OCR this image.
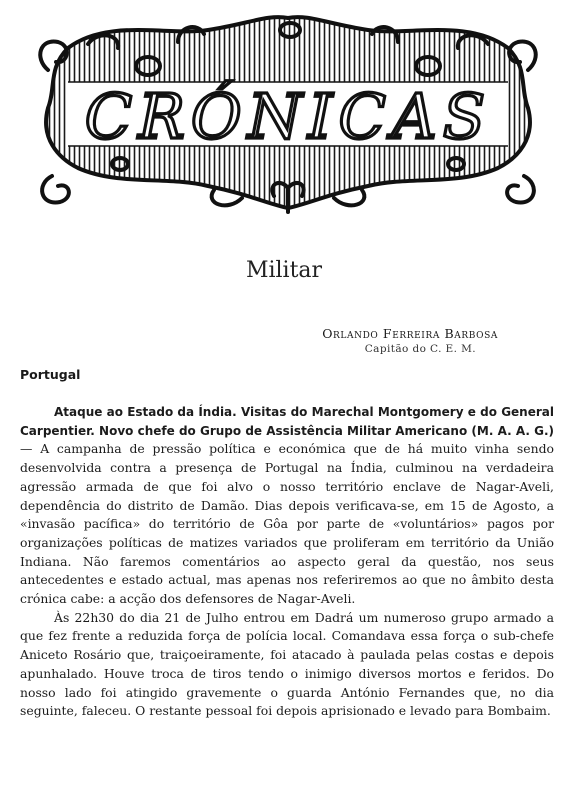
CRÓNICAS
Militar
Orlando Ferreira Barbosa
Capitão do C. E. M.
Portugal

Ataque ao Estado da Índia. Visitas do Marechal Montgomery e do General Carpentier. Novo chefe do Grupo de Assistência Militar Americano (M. A. A. G.) — A campanha de pressão política e económica que de há muito vinha sendo desenvolvida contra a presença de Portugal na Índia, culminou na verdadeira agressão armada de que foi alvo o nosso território enclave de Nagar-Aveli, dependência do distrito de Damão. Dias depois verificava-se, em 15 de Agosto, a «invasão pacífica» do território de Gôa por parte de «voluntários» pagos por organizações políticas de matizes variados que proliferam em território da União Indiana. Não faremos comentários ao aspecto geral da questão, nos seus antecedentes e estado actual, mas apenas nos referiremos ao que no âmbito desta crónica cabe: a acção dos defensores de Nagar-Aveli.

Às 22h30 do dia 21 de Julho entrou em Dadrá um numeroso grupo armado a que fez frente a reduzida força de polícia local. Comandava essa força o sub-chefe Aniceto Rosário que, traiçoeiramente, foi atacado à paulada pelas costas e depois apunhalado. Houve troca de tiros tendo o inimigo diversos mortos e feridos. Do nosso lado foi atingido gravemente o guarda António Fernandes que, no dia seguinte, faleceu. O restante pessoal foi depois aprisionado e levado para Bombaim.
